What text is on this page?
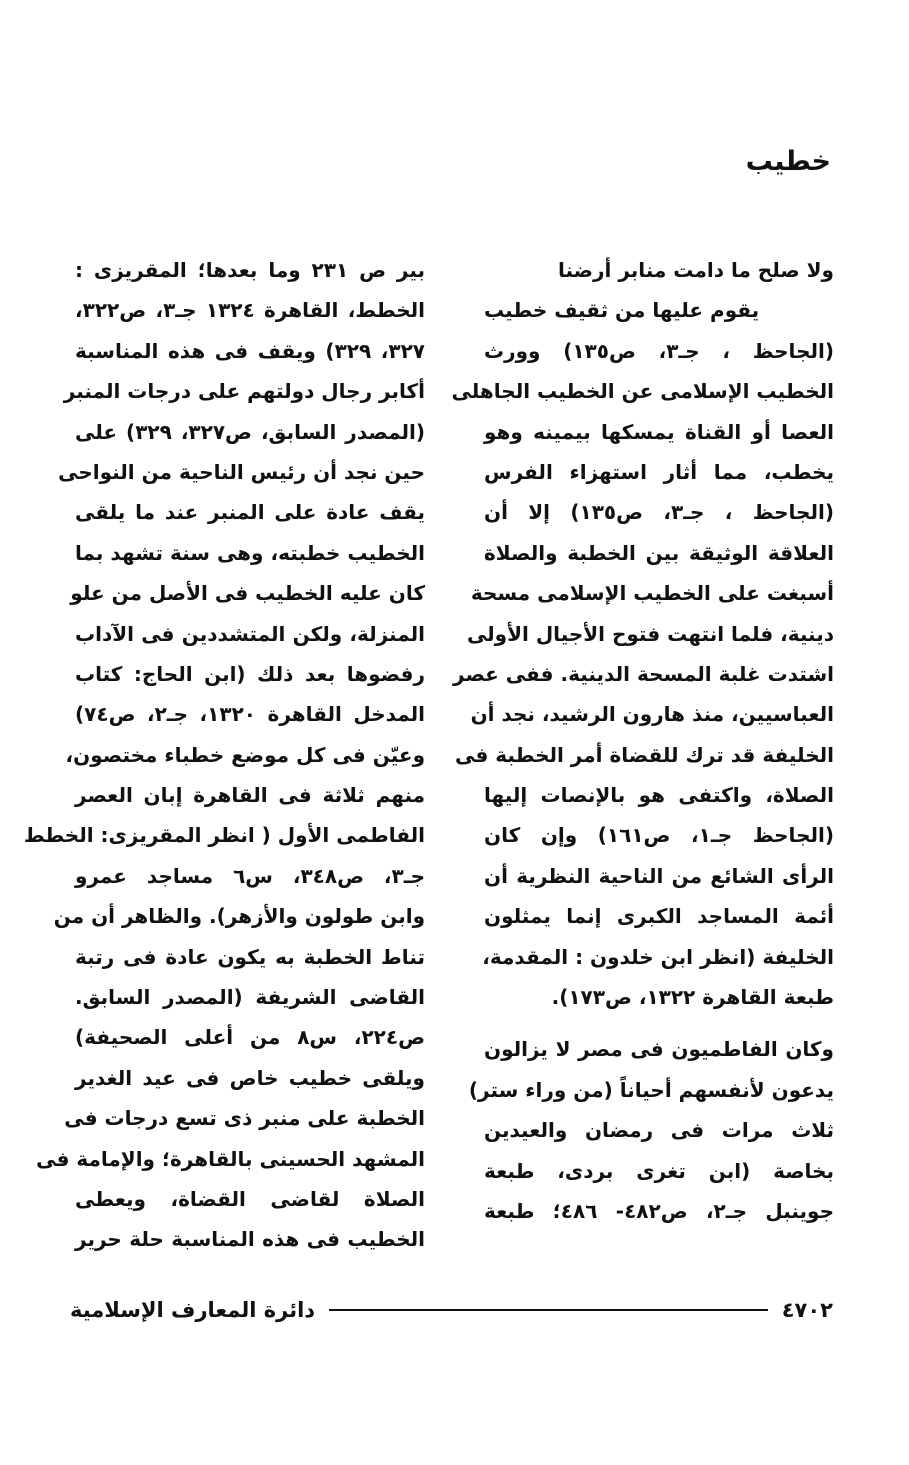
خطيب
ولا صلح ما دامت منابر أرضنا
يقوم عليها من ثقيف خطيب
(الجاحظ ، جـ٣، ص١٣٥) وورث
الخطيب الإسلامى عن الخطيب الجاهلى
العصا أو القناة يمسكها بيمينه وهو
يخطب، مما أثار استهزاء الفرس
(الجاحظ ، جـ٣، ص١٣٥) إلا أن
العلاقة الوثيقة بين الخطبة والصلاة
أسبغت على الخطيب الإسلامى مسحة
دينية، فلما انتهت فتوح الأجيال الأولى
اشتدت غلبة المسحة الدينية. ففى عصر
العباسيين، منذ هارون الرشيد، نجد أن
الخليفة قد ترك للقضاة أمر الخطبة فى
الصلاة، واكتفى هو بالإنصات إليها
(الجاحظ جـ١، ص١٦١) وإن كان
الرأى الشائع من الناحية النظرية أن
أئمة المساجد الكبرى إنما يمثلون
الخليفة (انظر ابن خلدون : المقدمة،
طبعة القاهرة ١٣٢٢، ص١٧٣).
وكان الفاطميون فى مصر لا يزالون
يدعون لأنفسهم أحياناً (من وراء ستر)
ثلاث مرات فى رمضان والعيدين
بخاصة (ابن تغرى بردى، طبعة
جوينبل جـ٢، ص٤٨٢- ٤٨٦؛ طبعة
بير ص ٢٣١ وما بعدها؛ المقريزى :
الخطط، القاهرة ١٣٢٤ جـ٣، ص٣٢٢،
٣٢٧، ٣٢٩) ويقف فى هذه المناسبة
أكابر رجال دولتهم على درجات المنبر
(المصدر السابق، ص٣٢٧، ٣٢٩) على
حين نجد أن رئيس الناحية من النواحى
يقف عادة على المنبر عند ما يلقى
الخطيب خطبته، وهى سنة تشهد بما
كان عليه الخطيب فى الأصل من علو
المنزلة، ولكن المتشددين فى الآداب
رفضوها بعد ذلك (ابن الحاج: كتاب
المدخل القاهرة ١٣٢٠، جـ٢، ص٧٤)
وعيّن فى كل موضع خطباء مختصون،
منهم ثلاثة فى القاهرة إبان العصر
الفاطمى الأول ( انظر المقريزى: الخطط
جـ٣، ص٣٤٨، س٦ مساجد عمرو
وابن طولون والأزهر). والظاهر أن من
تناط الخطبة به يكون عادة فى رتبة
القاضى الشريفة (المصدر السابق.
ص٢٢٤، س٨ من أعلى الصحيفة)
ويلقى خطيب خاص فى عيد الغدير
الخطبة على منبر ذى تسع درجات فى
المشهد الحسينى بالقاهرة؛ والإمامة فى
الصلاة لقاضى القضاة، ويعطى
الخطيب فى هذه المناسبة حلة حرير
٤٧٠٢
دائرة المعارف الإسلامية
